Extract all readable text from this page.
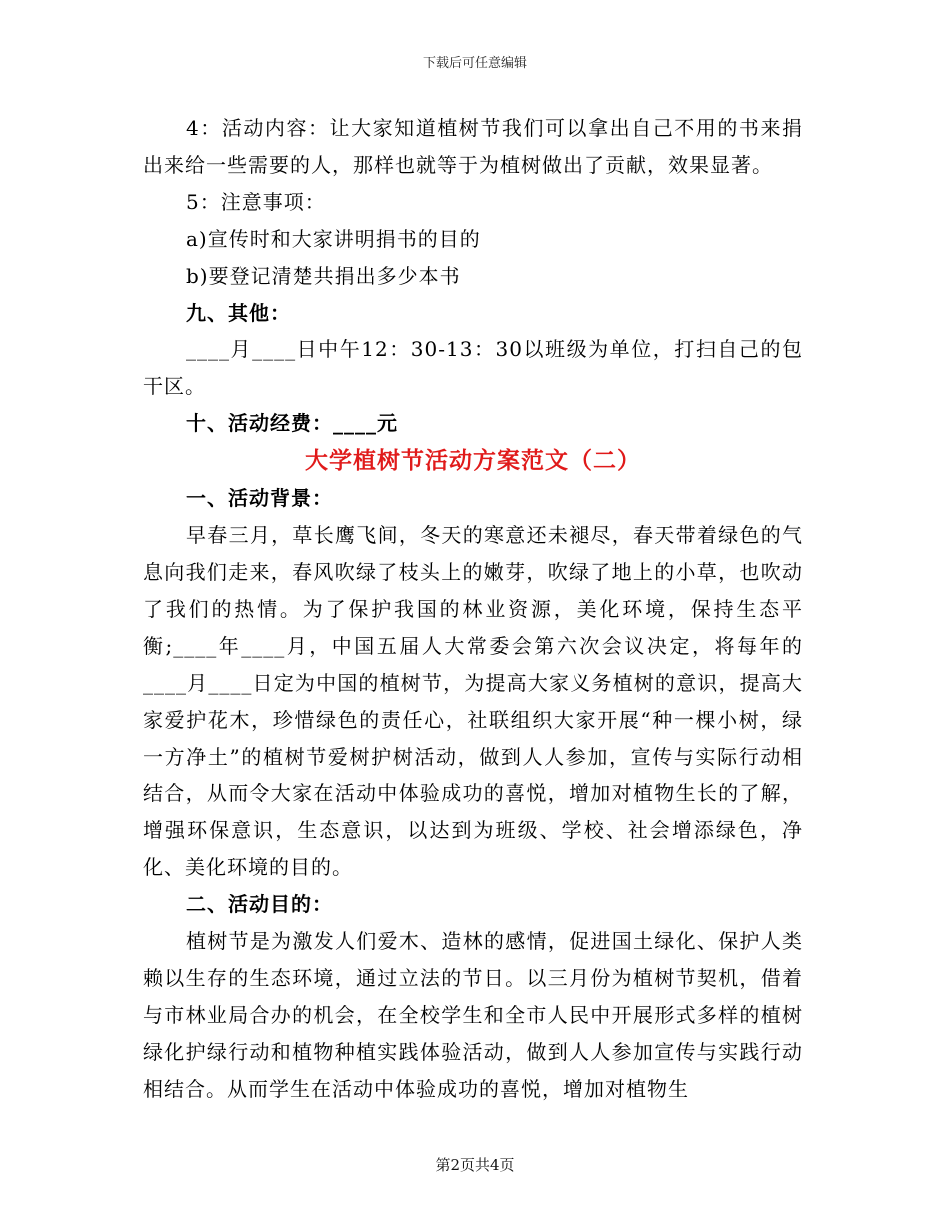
下载后可任意编辑

4：活动内容：让大家知道植树节我们可以拿出自己不用的书来捐出来给一些需要的人，那样也就等于为植树做出了贡献，效果显著。

5：注意事项：

a)宣传时和大家讲明捐书的目的

b)要登记清楚共捐出多少本书

九、其他：

____月____日中午12：30-13：30以班级为单位，打扫自己的包干区。

十、活动经费：____元

大学植树节活动方案范文（二）

一、活动背景：

早春三月，草长鹰飞间，冬天的寒意还未褪尽，春天带着绿色的气息向我们走来，春风吹绿了枝头上的嫩芽，吹绿了地上的小草，也吹动了我们的热情。为了保护我国的林业资源，美化环境，保持生态平衡;____年____月，中国五届人大常委会第六次会议决定，将每年的____月____日定为中国的植树节，为提高大家义务植树的意识，提高大家爱护花木，珍惜绿色的责任心，社联组织大家开展“种一棵小树，绿一方净土”的植树节爱树护树活动，做到人人参加，宣传与实际行动相结合，从而令大家在活动中体验成功的喜悦，增加对植物生长的了解，增强环保意识，生态意识，以达到为班级、学校、社会增添绿色，净化、美化环境的目的。

二、活动目的：

植树节是为激发人们爱木、造林的感情，促进国土绿化、保护人类赖以生存的生态环境，通过立法的节日。以三月份为植树节契机，借着与市林业局合办的机会，在全校学生和全市人民中开展形式多样的植树绿化护绿行动和植物种植实践体验活动，做到人人参加宣传与实践行动相结合。从而学生在活动中体验成功的喜悦，增加对植物生

第2页共4页
